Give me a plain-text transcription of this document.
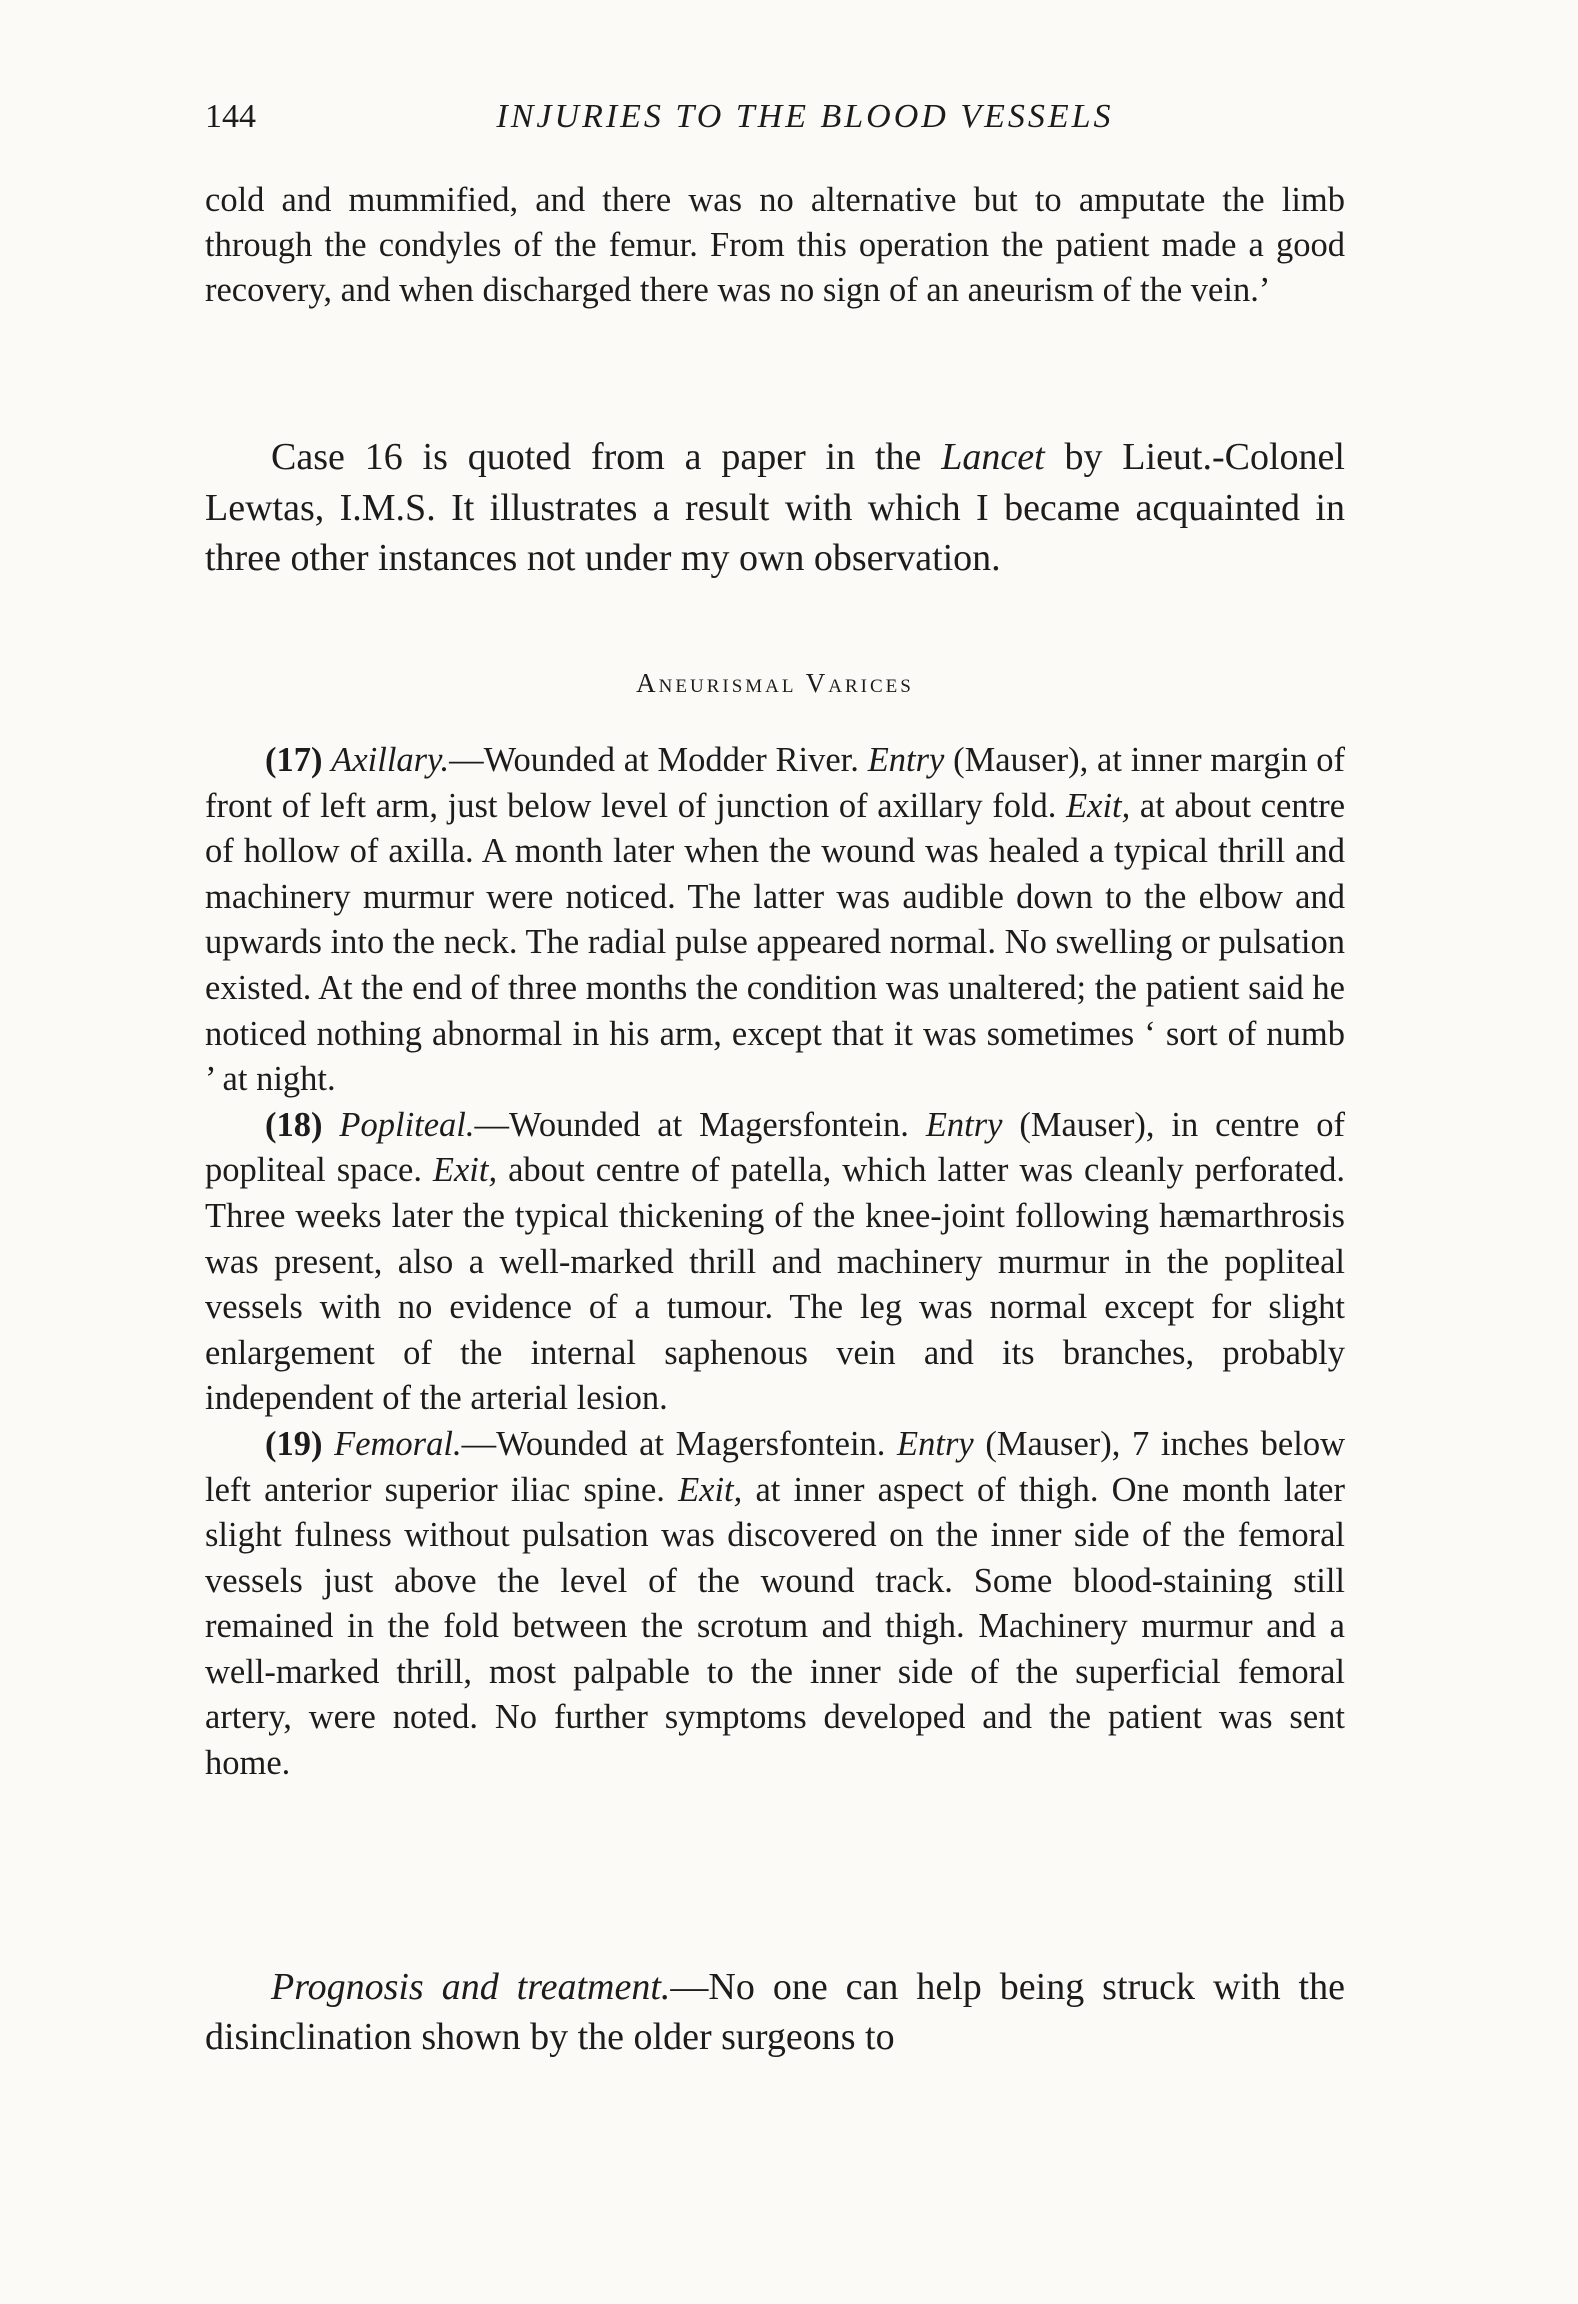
144	INJURIES TO THE BLOOD VESSELS

cold and mummified, and there was no alternative but to amputate the limb through the condyles of the femur. From this operation the patient made a good recovery, and when discharged there was no sign of an aneurism of the vein.’

Case 16 is quoted from a paper in the Lancet by Lieut.-Colonel Lewtas, I.M.S. It illustrates a result with which I became acquainted in three other instances not under my own observation.

Aneurismal Varices

(17) Axillary.—Wounded at Modder River. Entry (Mauser), at inner margin of front of left arm, just below level of junction of axillary fold. Exit, at about centre of hollow of axilla. A month later when the wound was healed a typical thrill and machinery murmur were noticed. The latter was audible down to the elbow and upwards into the neck. The radial pulse appeared normal. No swelling or pulsation existed. At the end of three months the condition was unaltered; the patient said he noticed nothing abnormal in his arm, except that it was sometimes ‘ sort of numb ’ at night.

(18) Popliteal.—Wounded at Magersfontein. Entry (Mauser), in centre of popliteal space. Exit, about centre of patella, which latter was cleanly perforated. Three weeks later the typical thickening of the knee-joint following hæmarthrosis was present, also a well-marked thrill and machinery murmur in the popliteal vessels with no evidence of a tumour. The leg was normal except for slight enlargement of the internal saphenous vein and its branches, probably independent of the arterial lesion.

(19) Femoral.—Wounded at Magersfontein. Entry (Mauser), 7 inches below left anterior superior iliac spine. Exit, at inner aspect of thigh. One month later slight fulness without pulsation was discovered on the inner side of the femoral vessels just above the level of the wound track. Some blood-staining still remained in the fold between the scrotum and thigh. Machinery murmur and a well-marked thrill, most palpable to the inner side of the superficial femoral artery, were noted. No further symptoms developed and the patient was sent home.

Prognosis and treatment.—No one can help being struck with the disinclination shown by the older surgeons to
